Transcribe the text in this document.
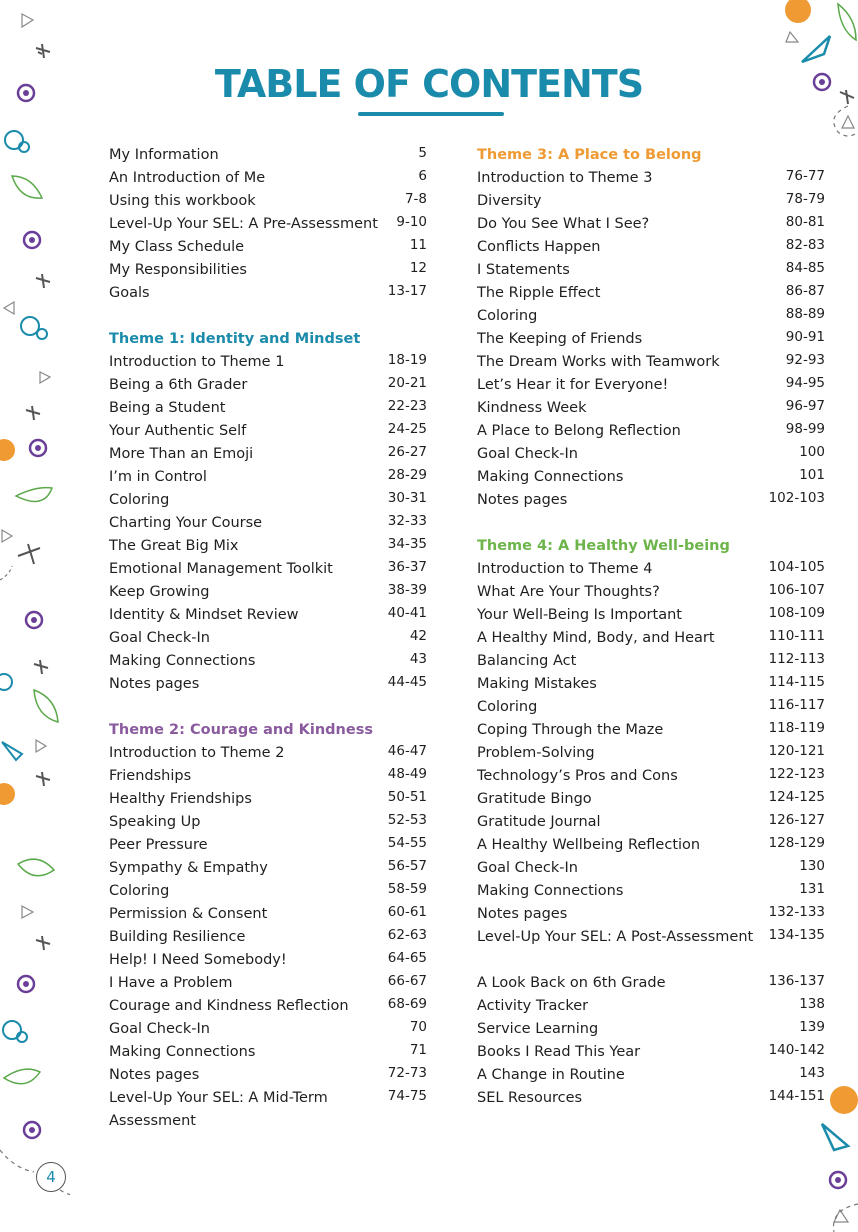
TABLE OF CONTENTS
My Information	5
An Introduction of Me	6
Using this workbook	7-8
Level-Up Your SEL: A Pre-Assessment 9-10
My Class Schedule	11
My Responsibilities	12
Goals	13-17
Theme 1: Identity and Mindset
Introduction to Theme 1	18-19
Being a 6th Grader	20-21
Being a Student	22-23
Your Authentic Self	24-25
More Than an Emoji	26-27
I’m in Control	28-29
Coloring	30-31
Charting Your Course	32-33
The Great Big Mix	34-35
Emotional Management Toolkit	36-37
Keep Growing	38-39
Identity & Mindset Review	40-41
Goal Check-In	42
Making Connections	43
Notes pages	44-45
Theme 2: Courage and Kindness
Introduction to Theme 2	46-47
Friendships	48-49
Healthy Friendships	50-51
Speaking Up	52-53
Peer Pressure	54-55
Sympathy & Empathy	56-57
Coloring	58-59
Permission & Consent	60-61
Building Resilience	62-63
Help! I Need Somebody!	64-65
I Have a Problem	66-67
Courage and Kindness Reflection	68-69
Goal Check-In	70
Making Connections	71
Notes pages	72-73
Level-Up Your SEL: A Mid-Term Assessment
74-75
Theme 3: A Place to Belong
Introduction to Theme 3	76-77
Diversity	78-79
Do You See What I See?	80-81
Conflicts Happen	82-83
I Statements	84-85
The Ripple Effect	86-87
Coloring	88-89
The Keeping of Friends	90-91
The Dream Works with Teamwork	92-93
Let’s Hear it for Everyone!	94-95
Kindness Week	96-97
A Place to Belong Reflection	98-99
Goal Check-In	100
Making Connections	101
Notes pages	102-103
Theme 4: A Healthy Well-being
Introduction to Theme 4	104-105
What Are Your Thoughts?	106-107
Your Well-Being Is Important	108-109
A Healthy Mind, Body, and Heart	110-111
Balancing Act	112-113
Making Mistakes	114-115
Coloring	116-117
Coping Through the Maze	118-119
Problem-Solving	120-121
Technology’s Pros and Cons	122-123
Gratitude Bingo	124-125
Gratitude Journal	126-127
A Healthy Wellbeing Reflection	128-129
Goal Check-In	130
Making Connections	131
Notes pages	132-133
Level-Up Your SEL: A Post-Assessment 134-135
A Look Back on 6th Grade	136-137
Activity Tracker	138
Service Learning	139
Books I Read This Year	140-142
A Change in Routine	143
SEL Resources	144-151
4
